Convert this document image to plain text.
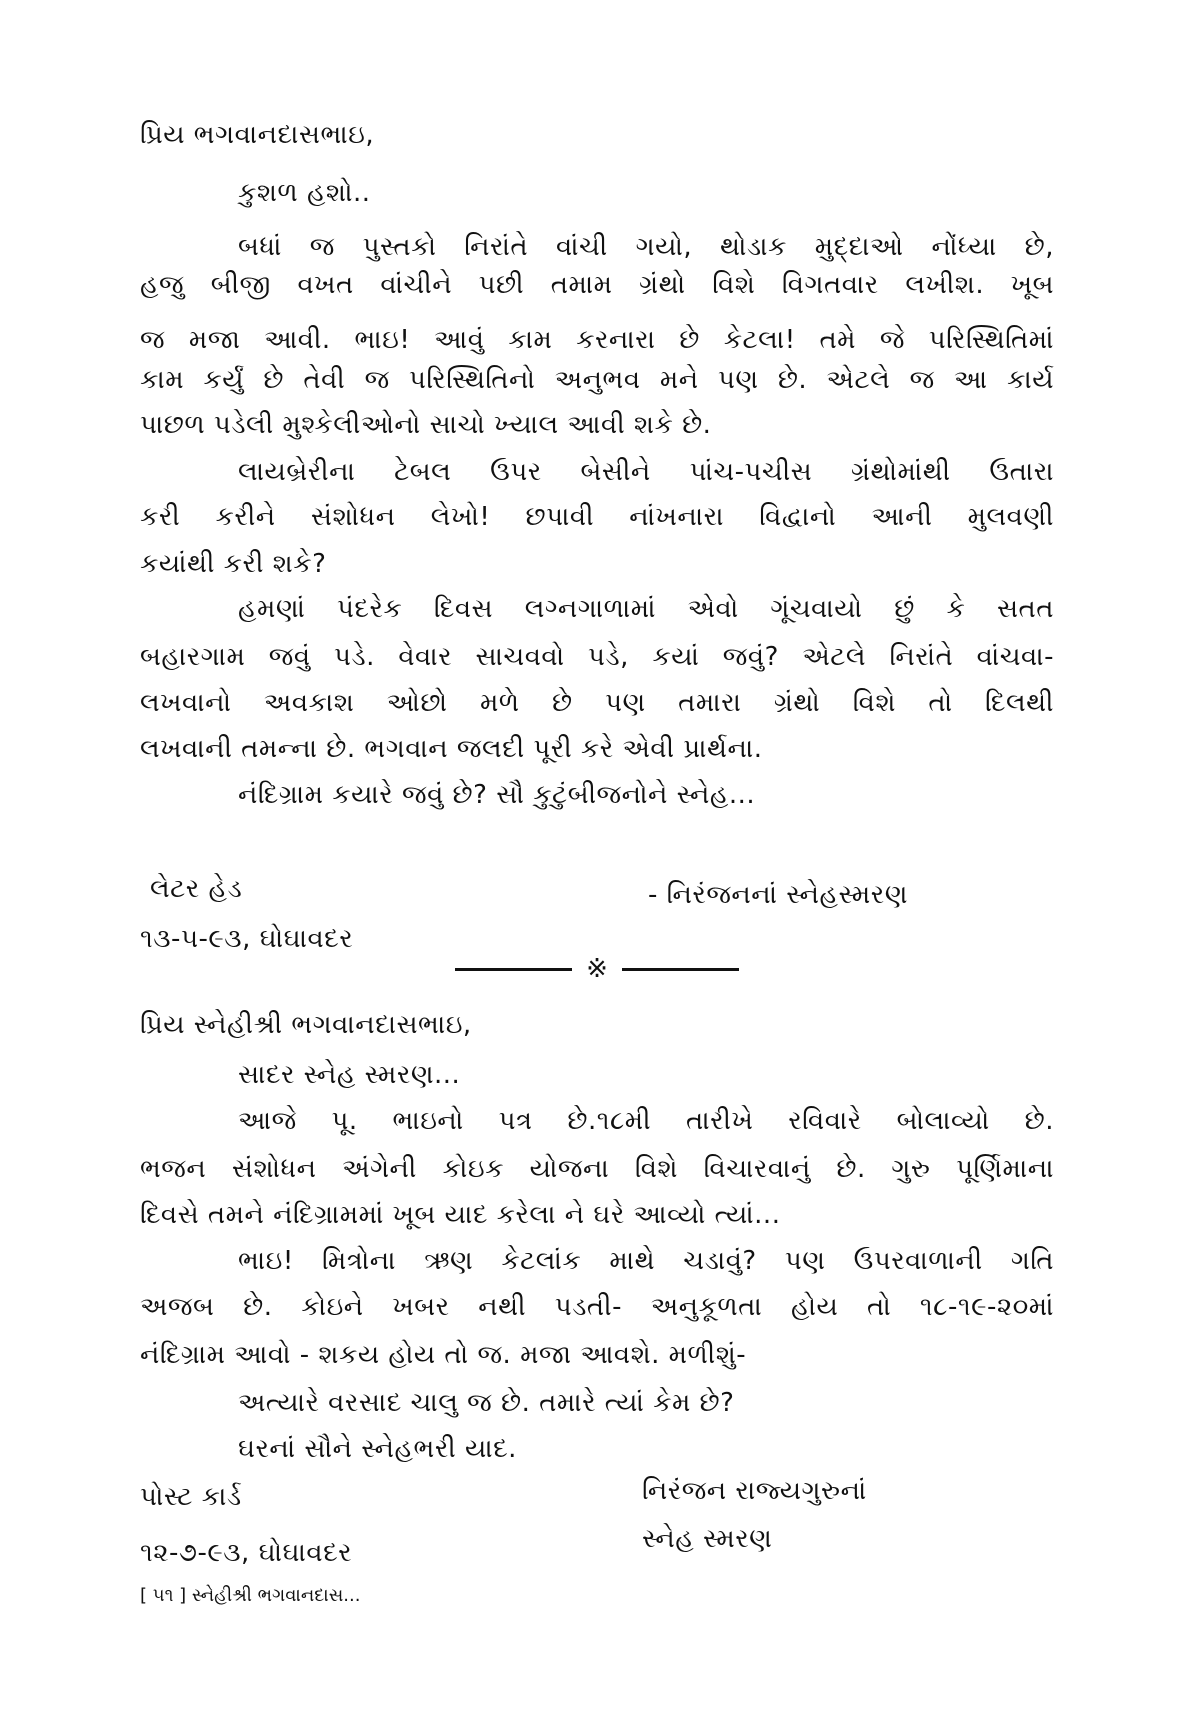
પ્રિય ભગવાનદાસભાઇ,
કુશળ હશો..
બધાં જ પુસ્તકો નિરાંતે વાંચી ગયો, થોડાક મુદ્દાઓ નોંધ્યા છે,
હજુ બીજી વખત વાંચીને પછી તમામ ગ્રંથો વિશે વિગતવાર લખીશ. ખૂબ
જ મજા આવી. ભાઇ! આવું કામ કરનારા છે કેટલા! તમે જે પરિસ્થિતિમાં
કામ કર્યું છે તેવી જ પરિસ્થિતિનો અનુભવ મને પણ છે. એટલે જ આ કાર્ય
પાછળ પડેલી મુશ્કેલીઓનો સાચો ખ્યાલ આવી શકે છે.
લાયબ્રેરીના ટેબલ ઉપર બેસીને પાંચ-પચીસ ગ્રંથોમાંથી ઉતારા
કરી કરીને સંશોધન લેખો! છપાવી નાંખનારા વિદ્વાનો આની મુલવણી
કયાંથી કરી શકે?
હમણાં પંદરેક દિવસ લગ્નગાળામાં એવો ગૂંચવાયો છું કે સતત
બહારગામ જવું પડે. વેવાર સાચવવો પડે, કયાં જવું? એટલે નિરાંતે વાંચવા-
લખવાનો અવકાશ ઓછો મળે છે પણ તમારા ગ્રંથો વિશે તો દિલથી
લખવાની તમન્ના છે. ભગવાન જલદી પૂરી કરે એવી પ્રાર્થના.
નંદિગ્રામ કયારે જવું છે? સૌ કુટુંબીજનોને સ્નેહ...
લેટર હેડ	- નિરંજનનાં સ્નેહસ્મરણ
૧૩-૫-૯૩, ઘોઘાવદર
※
પ્રિય સ્નેહીશ્રી ભગવાનદાસભાઇ,
સાદર સ્નેહ સ્મરણ...
આજે પૂ. ભાઇનો પત્ર છે.૧૮મી તારીખે રવિવારે બોલાવ્યો છે.
ભજન સંશોધન અંગેની કોઇક યોજના વિશે વિચારવાનું છે. ગુરુ પૂર્ણિમાના
દિવસે તમને નંદિગ્રામમાં ખૂબ યાદ કરેલા ને ઘરે આવ્યો ત્યાં...
ભાઇ! મિત્રોના ઋણ કેટલાંક માથે ચડાવું? પણ ઉપરવાળાની ગતિ
અજબ છે. કોઇને ખબર નથી પડતી- અનુકૂળતા હોય તો ૧૮-૧૯-૨૦માં
નંદિગ્રામ આવો - શકય હોય તો જ. મજા આવશે. મળીશું-
અત્યારે વરસાદ ચાલુ જ છે. તમારે ત્યાં કેમ છે?
ઘરનાં સૌને સ્નેહભરી યાદ.
પોસ્ટ કાર્ડ	નિરંજન રાજ્યગુરુનાં
૧૨-૭-૯૩, ઘોઘાવદર	સ્નેહ સ્મરણ
[ ૫૧ ] સ્નેહીશ્રી ભગવાનદાસ...
